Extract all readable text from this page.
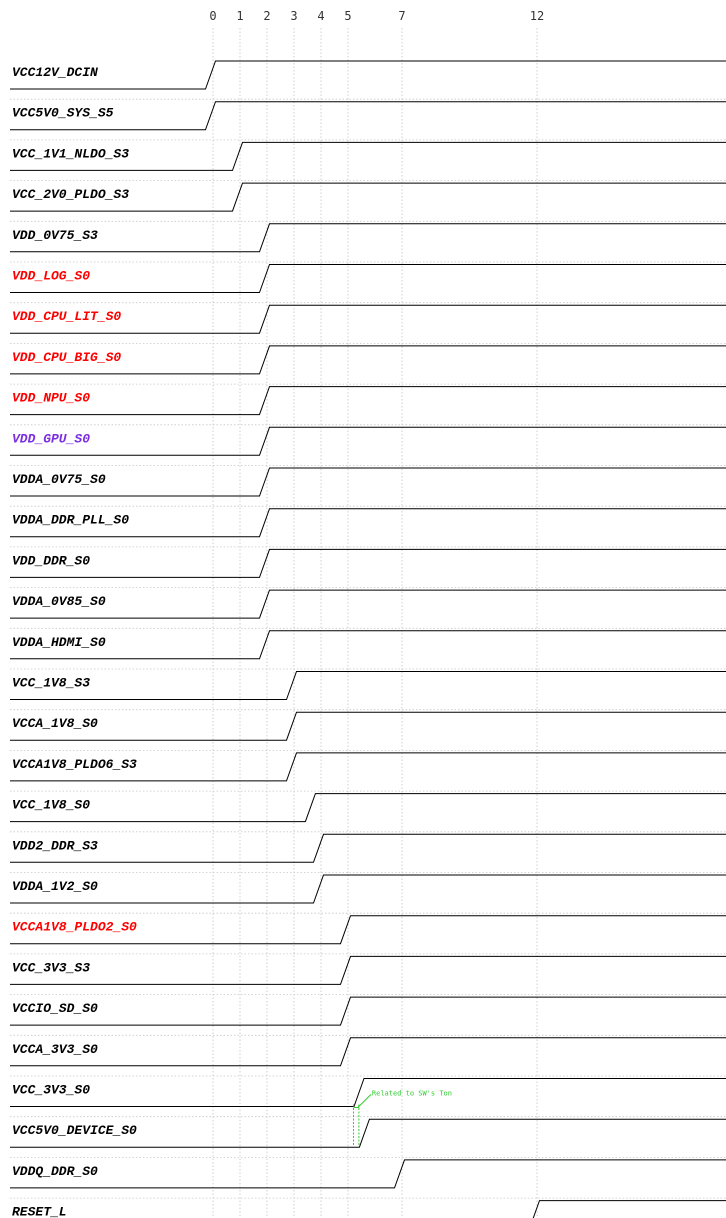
0 1 2 3 4 5	7	12
VCC12V_DCIN
VCC5V0_SYS_S5
VCC_1V1_NLDO_S3
VCC_2V0_PLDO_S3
VDD_0V75_S3
VDD_LOG_S0
VDD_CPU_LIT_S0
VDD_CPU_BIG_S0
VDD_NPU_S0
VDD_GPU_S0
VDDA_0V75_S0
VDDA_DDR_PLL_S0
VDD_DDR_S0
VDDA_0V85_S0
VDDA_HDMI_S0
VCC_1V8_S3
VCCA_1V8_S0
VCCA1V8_PLDO6_S3
VCC_1V8_S0
VDD2_DDR_S3
VDDA_1V2_S0
VCCA1V8_PLDO2_S0
VCC_3V3_S3
VCCIO_SD_S0
VCCA_3V3_S0
VCC_3V3_S0
VCC5V0_DEVICE_S0
VDDQ_DDR_S0
RESET_L
Related to SW's Ton
